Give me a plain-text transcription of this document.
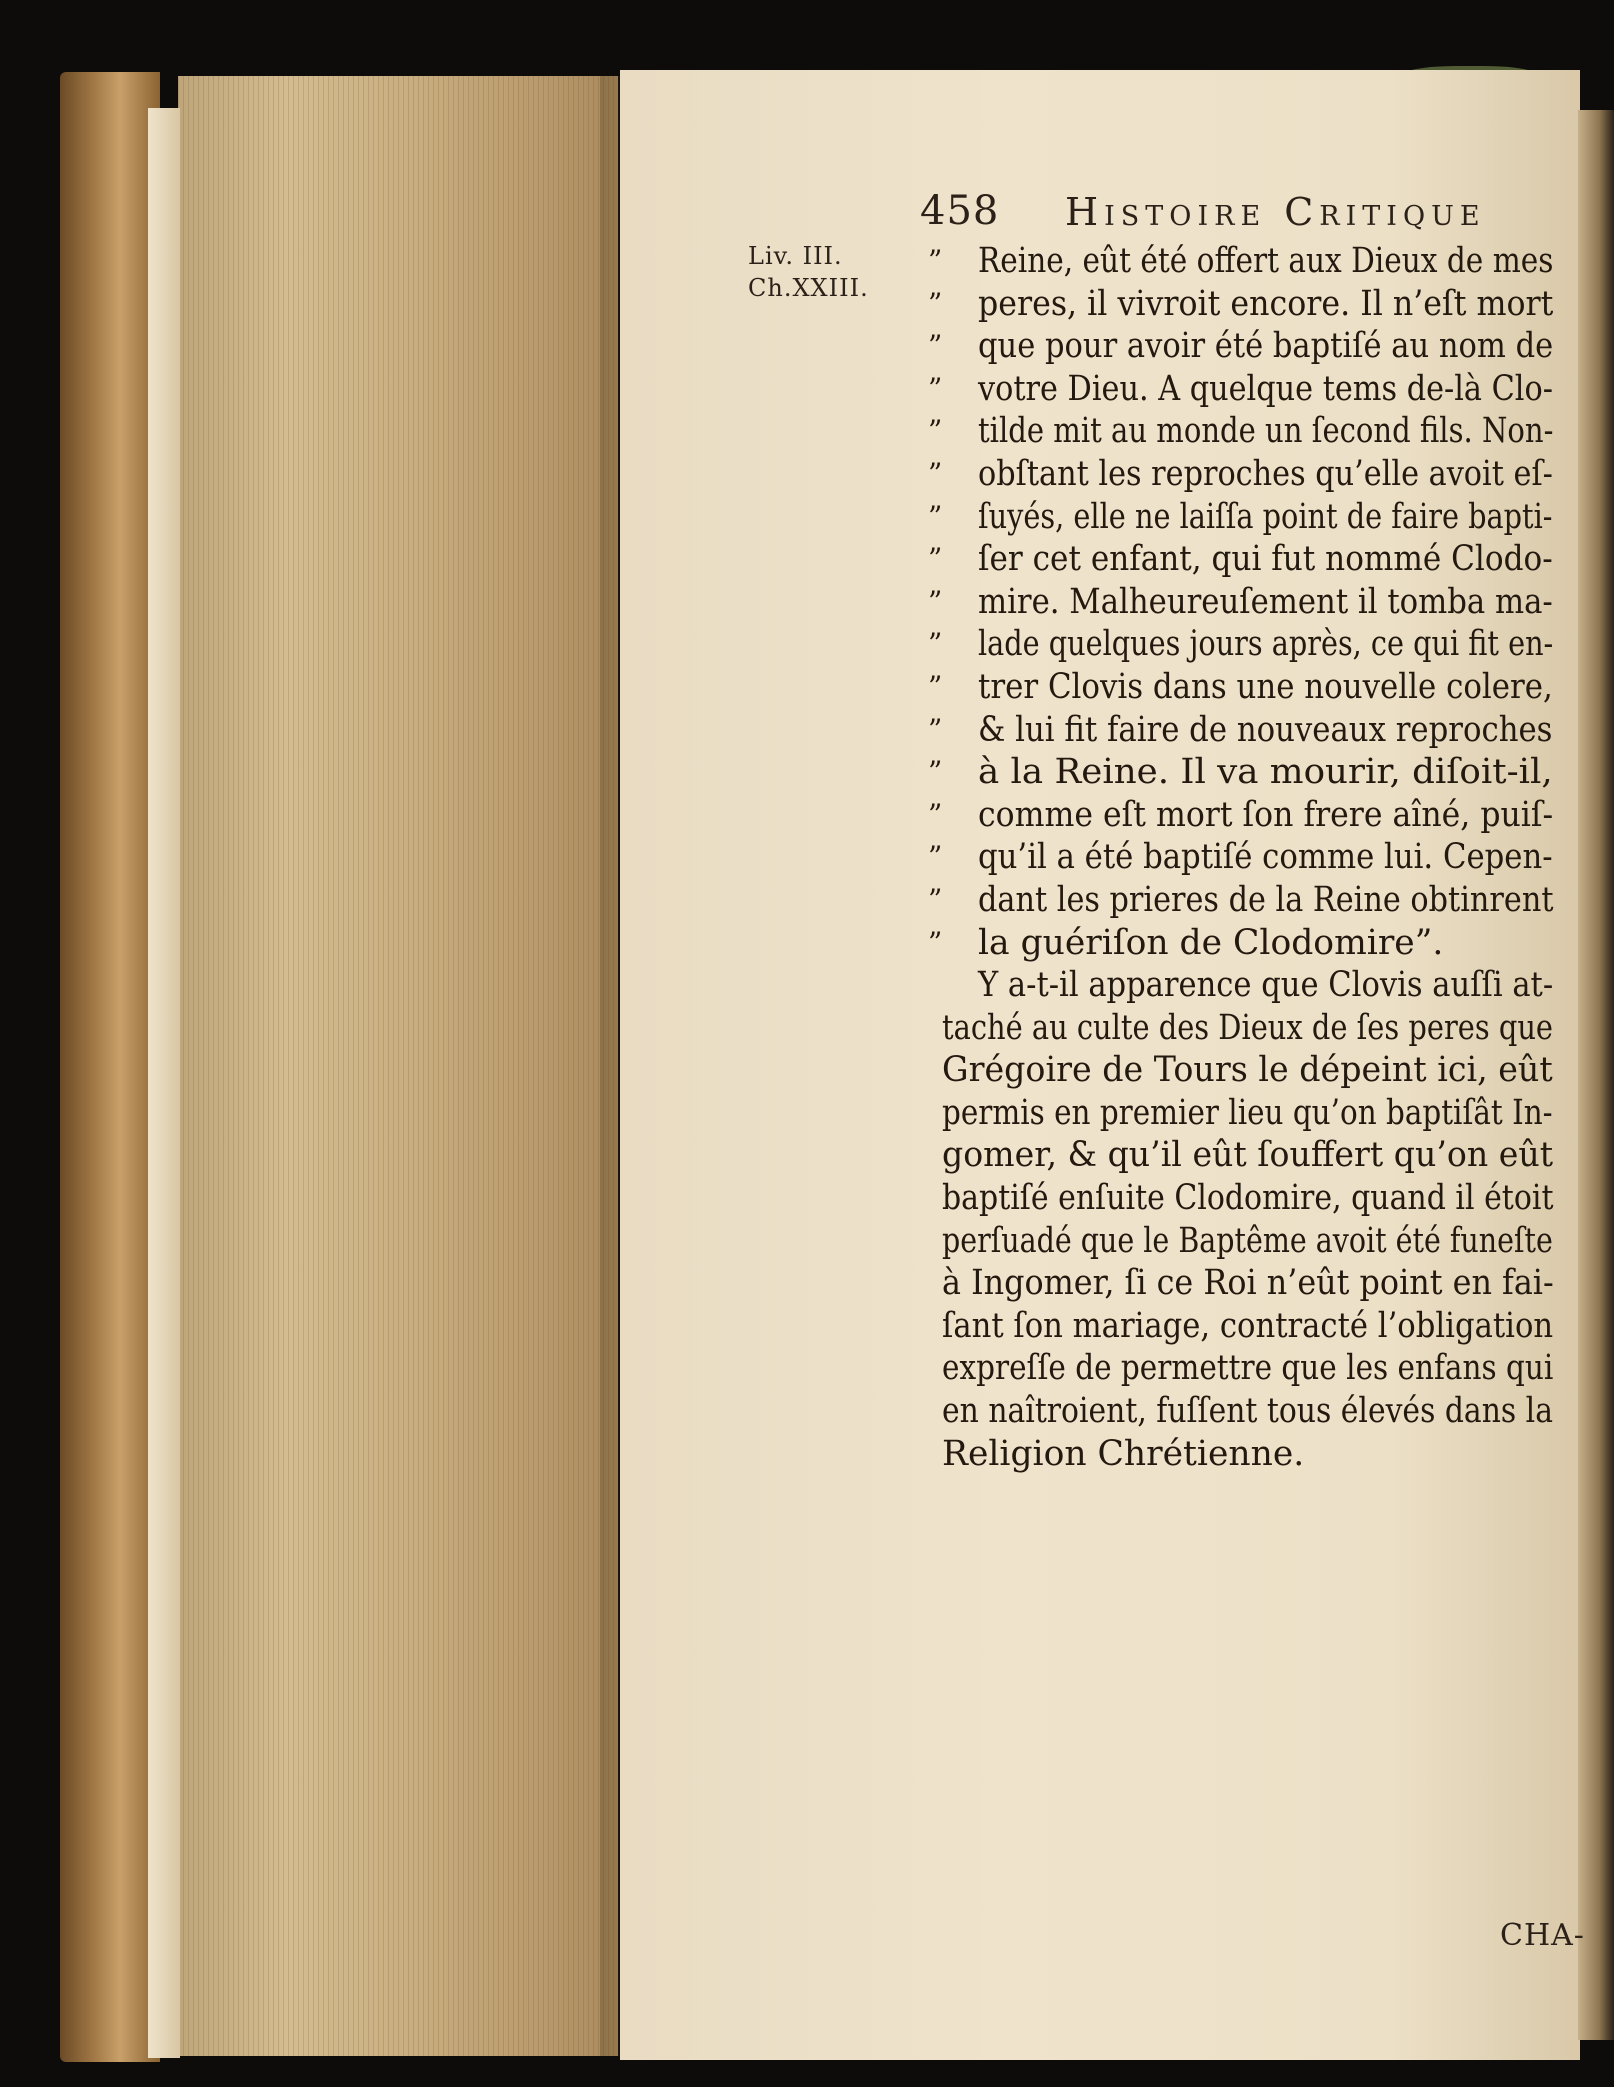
458 Histoire Critique
Liv. III.
Ch.XXIII.
”	Reine, eût été offert aux Dieux de mes
”	peres, il vivroit encore. Il n’eſt mort
”	que pour avoir été baptiſé au nom de
”	votre Dieu. A quelque tems de-là Clo-
”	tilde mit au monde un ſecond fils. Non-
”	obſtant les reproches qu’elle avoit eſ-
”	ſuyés, elle ne laiſſa point de faire bapti-
”	ſer cet enfant, qui fut nommé Clodo-
”	mire. Malheureuſement il tomba ma-
”	lade quelques jours après, ce qui fit en-
”	trer Clovis dans une nouvelle colere,
”	& lui fit faire de nouveaux reproches
”	à la Reine. Il va mourir, diſoit-il,
”	comme eſt mort ſon frere aîné, puiſ-
”	qu’il a été baptiſé comme lui. Cepen-
”	dant les prieres de la Reine obtinrent
”	la guériſon de Clodomire”.
Y a-t-il apparence que Clovis auſſi at-
taché au culte des Dieux de ſes peres que
Grégoire de Tours le dépeint ici, eût
permis en premier lieu qu’on baptiſât In-
gomer, & qu’il eût ſouffert qu’on eût
baptiſé enſuite Clodomire, quand il étoit
perſuadé que le Baptême avoit été funeſte
à Ingomer, ſi ce Roi n’eût point en fai-
ſant ſon mariage, contracté l’obligation
expreſſe de permettre que les enfans qui
en naîtroient, fuſſent tous élevés dans la
Religion Chrétienne.
CHA-
